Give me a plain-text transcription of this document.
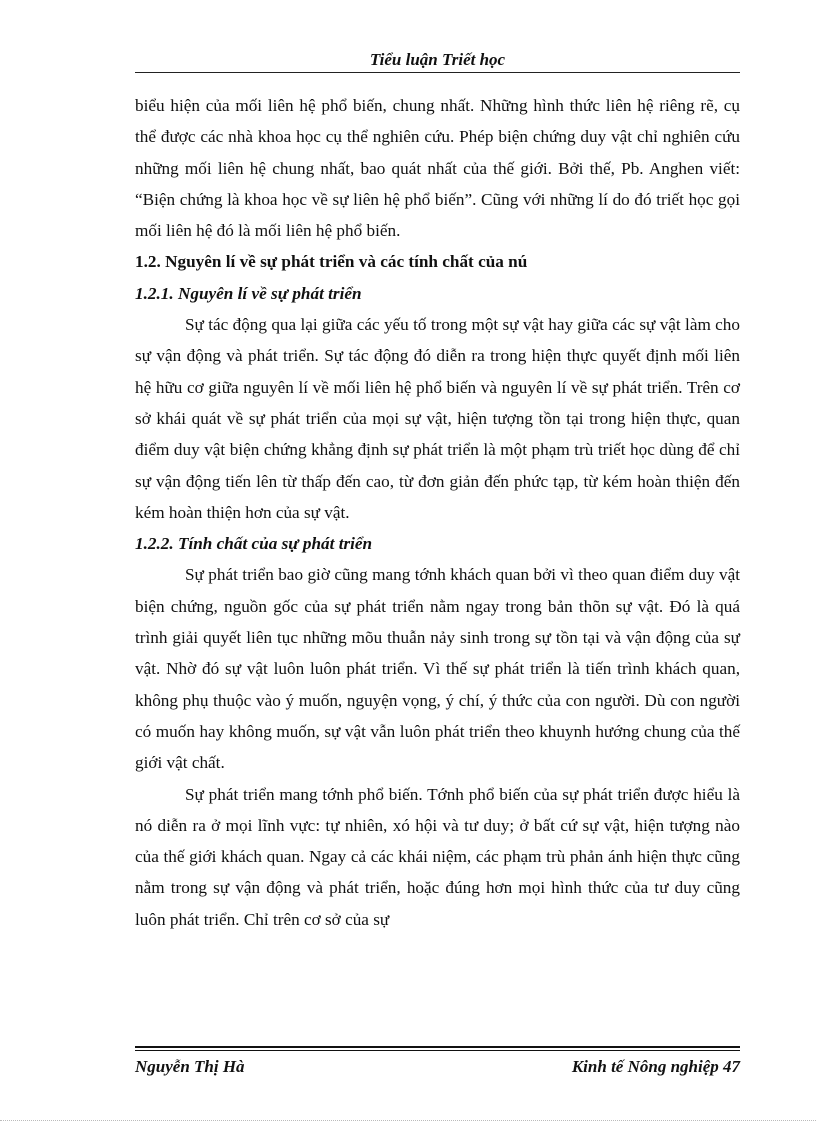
Tiểu luận Triết học

biểu hiện của mối liên hệ phổ biến, chung nhất. Những hình thức liên hệ riêng rẽ, cụ thể được các nhà khoa học cụ thể nghiên cứu. Phép biện chứng duy vật chỉ nghiên cứu những mối liên hệ chung nhất, bao quát nhất của thế giới. Bởi thế, Pb. Anghen viết: “Biện chứng là khoa học về sự liên hệ phổ biến”. Cũng với những lí do đó triết học gọi mối liên hệ đó là mối liên hệ phổ biến.

1.2. Nguyên lí về sự phát triển và các tính chất của nú
1.2.1. Nguyên lí về sự phát triển

Sự tác động qua lại giữa các yếu tố trong một sự vật hay giữa các sự vật làm cho sự vận động và phát triển. Sự tác động đó diễn ra trong hiện thực quyết định mối liên hệ hữu cơ giữa nguyên lí về mối liên hệ phổ biến và nguyên lí về sự phát triển. Trên cơ sở khái quát về sự phát triển của mọi sự vật, hiện tượng tồn tại trong hiện thực, quan điểm duy vật biện chứng khẳng định sự phát triển là một phạm trù triết học dùng để chỉ sự vận động tiến lên từ thấp đến cao, từ đơn giản đến phức tạp, từ kém hoàn thiện đến kém hoàn thiện hơn của sự vật.

1.2.2. Tính chất của sự phát triển

Sự phát triển bao giờ cũng mang tớnh khách quan bởi vì theo quan điểm duy vật biện chứng, nguồn gốc của sự phát triển nằm ngay trong bản thõn sự vật. Đó là quá trình giải quyết liên tục những mõu thuẫn nảy sinh trong sự tồn tại và vận động của sự vật. Nhờ đó sự vật luôn luôn phát triển. Vì thế sự phát triển là tiến trình khách quan, không phụ thuộc vào ý muốn, nguyện vọng, ý chí, ý thức của con người. Dù con người có muốn hay không muốn, sự vật vẫn luôn phát triển theo khuynh hướng chung của thế giới vật chất.

Sự phát triển mang tớnh phổ biến. Tớnh phổ biến của sự phát triển được hiểu là nó diễn ra ở mọi lĩnh vực: tự nhiên, xó hội và tư duy; ở bất cứ sự vật, hiện tượng nào của thế giới khách quan. Ngay cả các khái niệm, các phạm trù phản ánh hiện thực cũng nằm trong sự vận động và phát triển, hoặc đúng hơn mọi hình thức của tư duy cũng luôn phát triển. Chỉ trên cơ sở của sự

Nguyễn Thị Hà	Kinh tế Nông nghiệp 47
